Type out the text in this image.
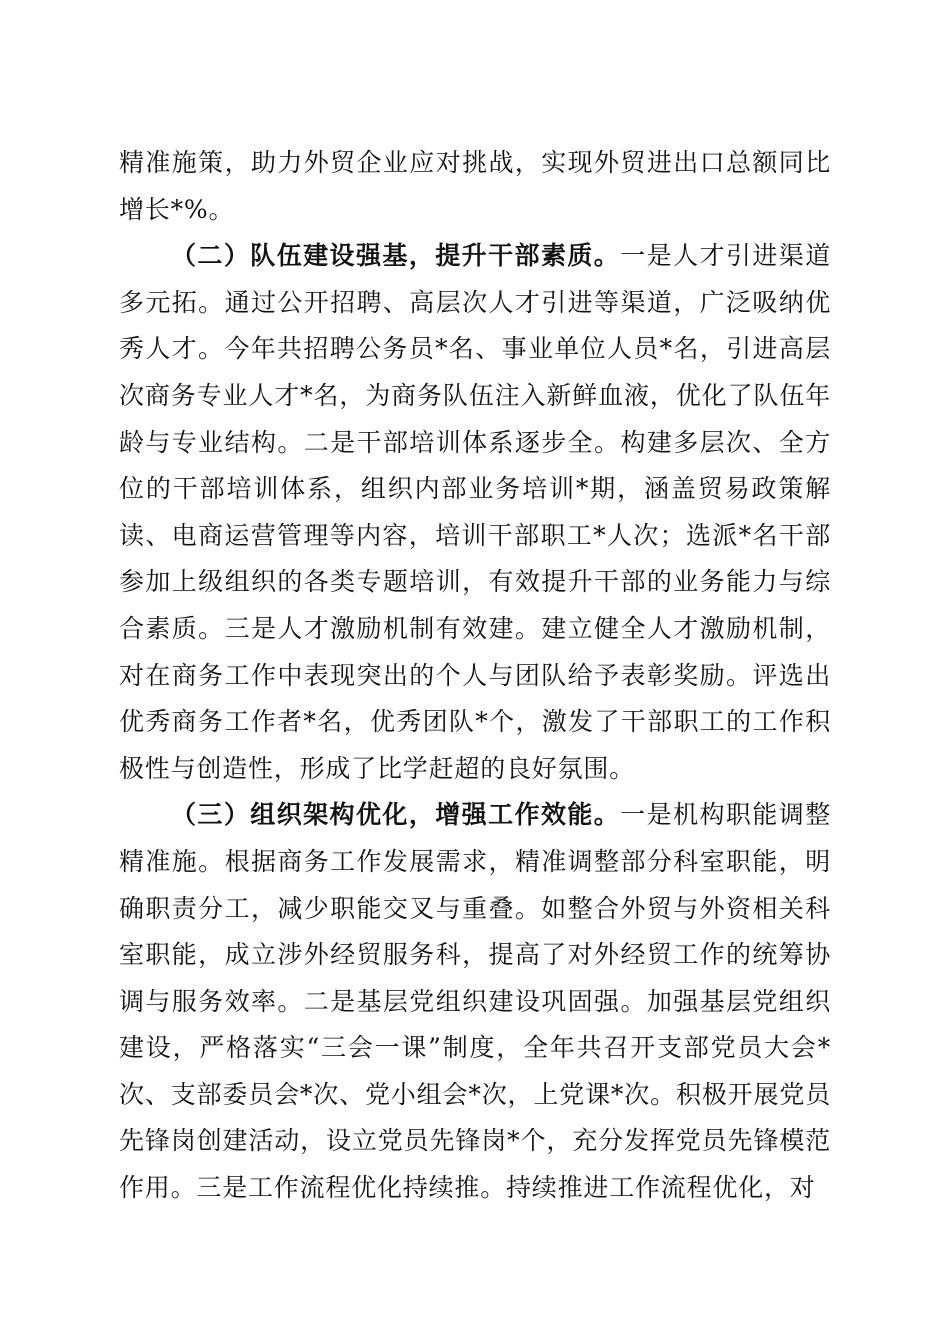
精准施策，助力外贸企业应对挑战，实现外贸进出口总额同比增长*%。

（二）队伍建设强基，提升干部素质。一是人才引进渠道多元拓。通过公开招聘、高层次人才引进等渠道，广泛吸纳优秀人才。今年共招聘公务员*名、事业单位人员*名，引进高层次商务专业人才*名，为商务队伍注入新鲜血液，优化了队伍年龄与专业结构。二是干部培训体系逐步全。构建多层次、全方位的干部培训体系，组织内部业务培训*期，涵盖贸易政策解读、电商运营管理等内容，培训干部职工*人次；选派*名干部参加上级组织的各类专题培训，有效提升干部的业务能力与综合素质。三是人才激励机制有效建。建立健全人才激励机制，对在商务工作中表现突出的个人与团队给予表彰奖励。评选出优秀商务工作者*名，优秀团队*个，激发了干部职工的工作积极性与创造性，形成了比学赶超的良好氛围。

（三）组织架构优化，增强工作效能。一是机构职能调整精准施。根据商务工作发展需求，精准调整部分科室职能，明确职责分工，减少职能交叉与重叠。如整合外贸与外资相关科室职能，成立涉外经贸服务科，提高了对外经贸工作的统筹协调与服务效率。二是基层党组织建设巩固强。加强基层党组织建设，严格落实“三会一课”制度，全年共召开支部党员大会*次、支部委员会*次、党小组会*次，上党课*次。积极开展党员先锋岗创建活动，设立党员先锋岗*个，充分发挥党员先锋模范作用。三是工作流程优化持续推。持续推进工作流程优化，对
